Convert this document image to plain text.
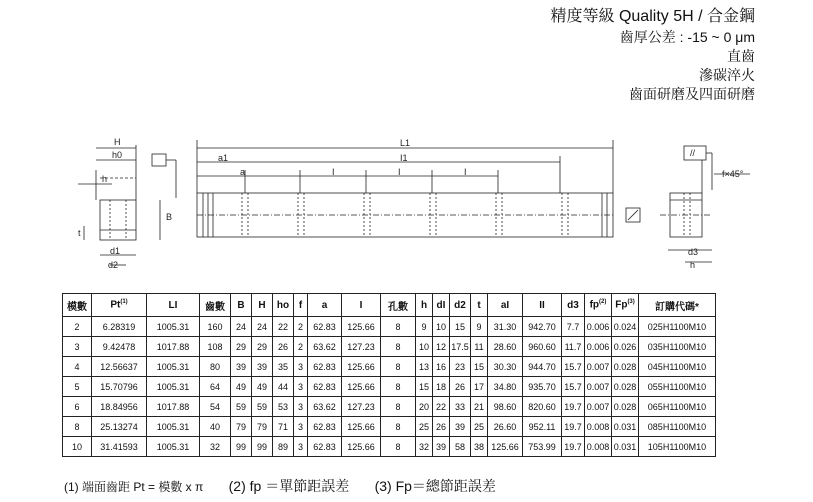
精度等級 Quality 5H / 合金鋼
齒厚公差 : -15 ~ 0 μm
直齒
滲碳淬火
齒面研磨及四面研磨
H
h0
h
t
B
d1
d2
L1
a1	I1
a	I	I	I	f×45°
//
d3
h
模數	Pt$^{(1)}$	LI	齒數	B	H	ho	f	a	I	孔數	h	dI	d2	t	aI	II	d3	$fp^{(2)}$	Fp$^{(3)}$	訂購代碼*
2	6.28319	1005.31	160	24	24	22	2	62.83	125.66	8	9	10	15	9	31.30	942.70	7.7	0.006	0.024	025H1100M10
3	9.42478	1017.88	108	29	29	26	2	63.62	127.23	8	10	12	17.5	11	28.60	960.60	11.7	0.006	0.026	035H1100M10
4	12.56637	1005.31	80	39	39	35	3	62.83	125.66	8	13	16	23	15	30.30	944.70	15.7	0.007	0.028	045H1100M10
5	15.70796	1005.31	64	49	49	44	3	62.83	125.66	8	15	18	26	17	34.80	935.70	15.7	0.007	0.028	055H1100M10
6	18.84956	1017.88	54	59	59	53	3	63.62	127.23	8	20	22	33	21	98.60	820.60	19.7	0.007	0.028	065H1100M10
8	25.13274	1005.31	40	79	79	71	3	62.83	125.66	8	25	26	39	25	26.60	952.11	19.7	0.008	0.031	085H1100M10
10	31.41593	1005.31	32	99	99	89	3	62.83	125.66	8	32	39	58	38	125.66	753.99	19.7	0.008	0.031	105H1100M10
(1) 端面齒距 Pt = 模數 x π (2) fp ＝單節距誤差 (3) Fp＝總節距誤差
